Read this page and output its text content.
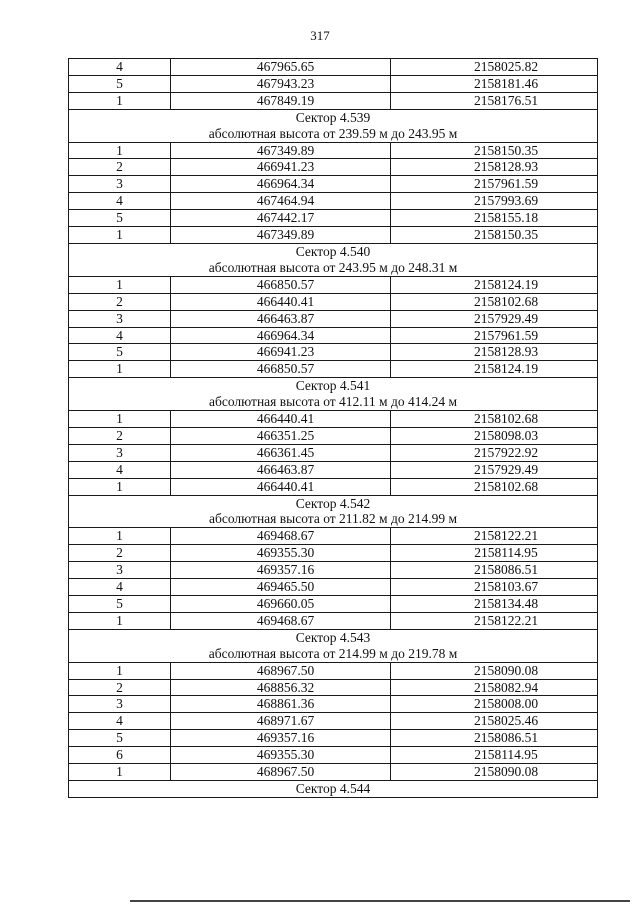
317
4	467965.65	2158025.82
5	467943.23	2158181.46
1	467849.19	2158176.51
Сектор 4.539		
абсолютная высота от 239.59 м до 243.95 м		
1	467349.89	2158150.35
2	466941.23	2158128.93
3	466964.34	2157961.59
4	467464.94	2157993.69
5	467442.17	2158155.18
1	467349.89	2158150.35
Сектор 4.540		
абсолютная высота от 243.95 м до 248.31 м		
1	466850.57	2158124.19
2	466440.41	2158102.68
3	466463.87	2157929.49
4	466964.34	2157961.59
5	466941.23	2158128.93
1	466850.57	2158124.19
Сектор 4.541		
абсолютная высота от 412.11 м до 414.24 м		
1	466440.41	2158102.68
2	466351.25	2158098.03
3	466361.45	2157922.92
4	466463.87	2157929.49
1	466440.41	2158102.68
Сектор 4.542		
абсолютная высота от 211.82 м до 214.99 м		
1	469468.67	2158122.21
2	469355.30	2158114.95
3	469357.16	2158086.51
4	469465.50	2158103.67
5	469660.05	2158134.48
1	469468.67	2158122.21
Сектор 4.543		
абсолютная высота от 214.99 м до 219.78 м		
1	468967.50	2158090.08
2	468856.32	2158082.94
3	468861.36	2158008.00
4	468971.67	2158025.46
5	469357.16	2158086.51
6	469355.30	2158114.95
1	468967.50	2158090.08
Сектор 4.544		
